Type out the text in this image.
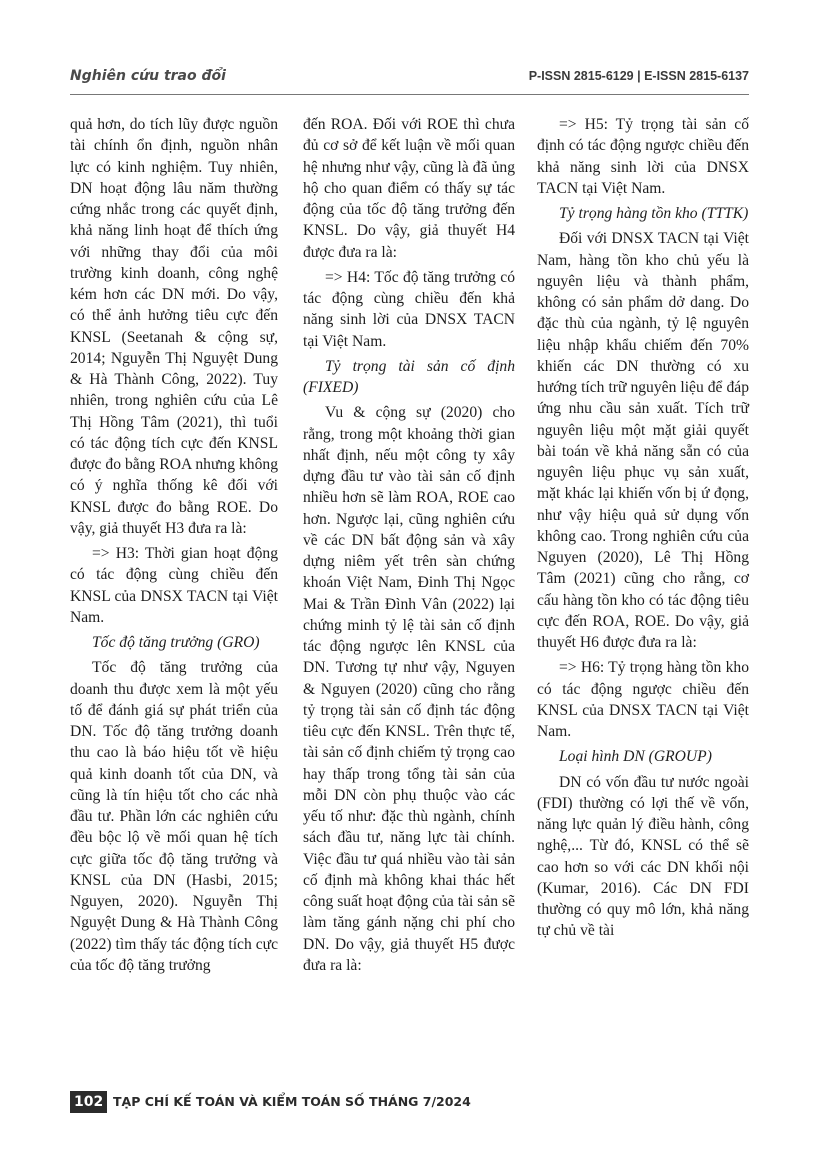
Nghiên cứu trao đổi	P-ISSN 2815-6129 | E-ISSN 2815-6137

quả hơn, do tích lũy được nguồn tài chính ổn định, nguồn nhân lực có kinh nghiệm. Tuy nhiên, DN hoạt động lâu năm thường cứng nhắc trong các quyết định, khả năng linh hoạt để thích ứng với những thay đổi của môi trường kinh doanh, công nghệ kém hơn các DN mới. Do vậy, có thể ảnh hưởng tiêu cực đến KNSL (Seetanah & cộng sự, 2014; Nguyễn Thị Nguyệt Dung & Hà Thành Công, 2022). Tuy nhiên, trong nghiên cứu của Lê Thị Hồng Tâm (2021), thì tuổi có tác động tích cực đến KNSL được đo bằng ROA nhưng không có ý nghĩa thống kê đối với KNSL được đo bằng ROE. Do vậy, giả thuyết H3 đưa ra là:

=> H3: Thời gian hoạt động có tác động cùng chiều đến KNSL của DNSX TACN tại Việt Nam.

Tốc độ tăng trưởng (GRO)

Tốc độ tăng trưởng của doanh thu được xem là một yếu tố để đánh giá sự phát triển của DN. Tốc độ tăng trưởng doanh thu cao là báo hiệu tốt về hiệu quả kinh doanh tốt của DN, và cũng là tín hiệu tốt cho các nhà đầu tư. Phần lớn các nghiên cứu đều bộc lộ về mối quan hệ tích cực giữa tốc độ tăng trưởng và KNSL của DN (Hasbi, 2015; Nguyen, 2020). Nguyễn Thị Nguyệt Dung & Hà Thành Công (2022) tìm thấy tác động tích cực của tốc độ tăng trưởng

đến ROA. Đối với ROE thì chưa đủ cơ sở để kết luận về mối quan hệ nhưng như vậy, cũng là đã ủng hộ cho quan điểm có thấy sự tác động của tốc độ tăng trưởng đến KNSL. Do vậy, giả thuyết H4 được đưa ra là:

=> H4: Tốc độ tăng trưởng có tác động cùng chiều đến khả năng sinh lời của DNSX TACN tại Việt Nam.

Tỷ trọng tài sản cố định (FIXED)

Vu & cộng sự (2020) cho rằng, trong một khoảng thời gian nhất định, nếu một công ty xây dựng đầu tư vào tài sản cố định nhiều hơn sẽ làm ROA, ROE cao hơn. Ngược lại, cũng nghiên cứu về các DN bất động sản và xây dựng niêm yết trên sàn chứng khoán Việt Nam, Đinh Thị Ngọc Mai & Trần Đình Vân (2022) lại chứng minh tỷ lệ tài sản cố định tác động ngược lên KNSL của DN. Tương tự như vậy, Nguyen & Nguyen (2020) cũng cho rằng tỷ trọng tài sản cố định tác động tiêu cực đến KNSL. Trên thực tế, tài sản cố định chiếm tỷ trọng cao hay thấp trong tổng tài sản của mỗi DN còn phụ thuộc vào các yếu tố như: đặc thù ngành, chính sách đầu tư, năng lực tài chính. Việc đầu tư quá nhiều vào tài sản cố định mà không khai thác hết công suất hoạt động của tài sản sẽ làm tăng gánh nặng chi phí cho DN. Do vậy, giả thuyết H5 được đưa ra là:

=> H5: Tỷ trọng tài sản cố định có tác động ngược chiều đến khả năng sinh lời của DNSX TACN tại Việt Nam.

Tỷ trọng hàng tồn kho (TTTK)

Đối với DNSX TACN tại Việt Nam, hàng tồn kho chủ yếu là nguyên liệu và thành phẩm, không có sản phẩm dở dang. Do đặc thù của ngành, tỷ lệ nguyên liệu nhập khẩu chiếm đến 70% khiến các DN thường có xu hướng tích trữ nguyên liệu để đáp ứng nhu cầu sản xuất. Tích trữ nguyên liệu một mặt giải quyết bài toán về khả năng sẵn có của nguyên liệu phục vụ sản xuất, mặt khác lại khiến vốn bị ứ đọng, như vậy hiệu quả sử dụng vốn không cao. Trong nghiên cứu của Nguyen (2020), Lê Thị Hồng Tâm (2021) cũng cho rằng, cơ cấu hàng tồn kho có tác động tiêu cực đến ROA, ROE. Do vậy, giả thuyết H6 được đưa ra là:

=> H6: Tỷ trọng hàng tồn kho có tác động ngược chiều đến KNSL của DNSX TACN tại Việt Nam.

Loại hình DN (GROUP)

DN có vốn đầu tư nước ngoài (FDI) thường có lợi thế về vốn, năng lực quản lý điều hành, công nghệ,... Từ đó, KNSL có thể sẽ cao hơn so với các DN khối nội (Kumar, 2016). Các DN FDI thường có quy mô lớn, khả năng tự chủ về tài

102 TẠP CHÍ KẾ TOÁN VÀ KIỂM TOÁN SỐ THÁNG 7/2024
